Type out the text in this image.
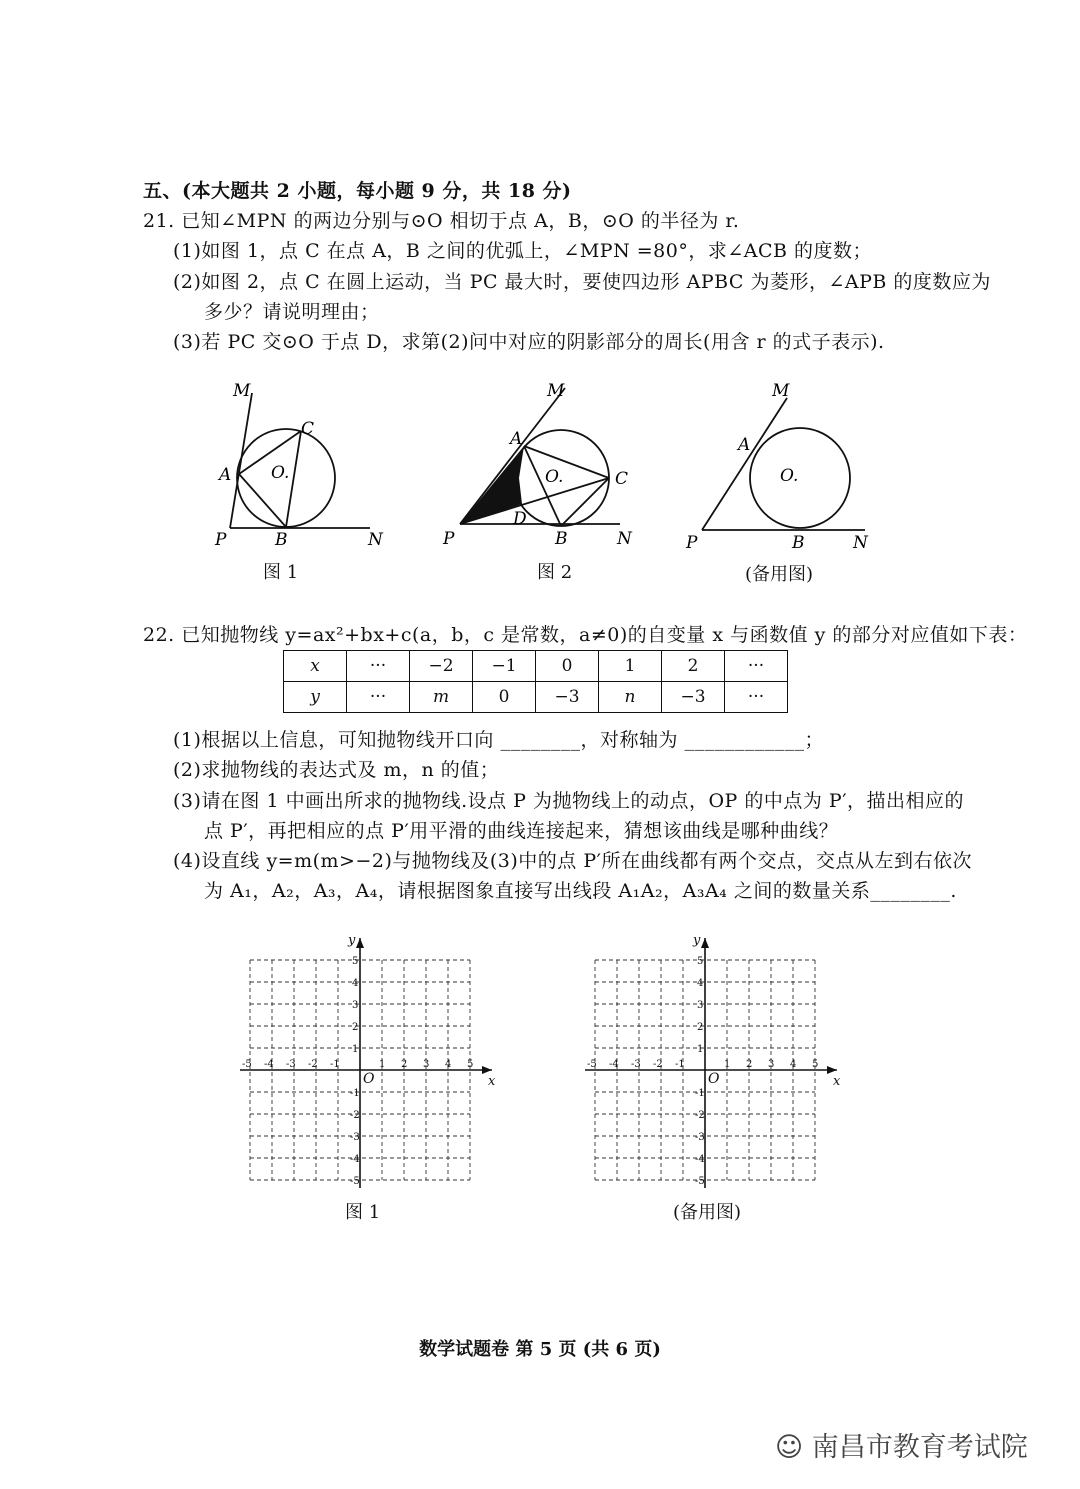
五、(本大题共 2 小题，每小题 9 分，共 18 分)
21. 已知∠MPN 的两边分别与⊙O 相切于点 A，B，⊙O 的半径为 r.
(1)如图 1，点 C 在点 A，B 之间的优弧上，∠MPN =80°，求∠ACB 的度数；
(2)如图 2，点 C 在圆上运动，当 PC 最大时，要使四边形 APBC 为菱形，∠APB 的度数应为
多少？请说明理由；
(3)若 PC 交⊙O 于点 D，求第(2)问中对应的阴影部分的周长(用含 r 的式子表示).
M
C
A O.
P	B	N
图 1
M
A
O.	C
D
P	B	N
图 2
M
A
O.
P	B	N
(备用图)
22. 已知抛物线 y=ax²+bx+c(a，b，c 是常数，a≠0)的自变量 x 与函数值 y 的部分对应值如下表：
x	···	−2	−1	0	1	2	···
y	···	m	0	−3	n	−3	···
(1)根据以上信息，可知抛物线开口向 ________，对称轴为 ____________；
(2)求抛物线的表达式及 m，n 的值；
(3)请在图 1 中画出所求的抛物线.设点 P 为抛物线上的动点，OP 的中点为 P′，描出相应的
点 P′，再把相应的点 P′用平滑的曲线连接起来，猜想该曲线是哪种曲线？
(4)设直线 y=m(m>−2)与抛物线及(3)中的点 P′所在曲线都有两个交点，交点从左到右依次
为 A₁，A₂，A₃，A₄，请根据图象直接写出线段 A₁A₂，A₃A₄ 之间的数量关系________.
-5 -4 -3 -2 -1	1 2 3 4 5
5
4
3
2
1
-1
-2
-3
-4
-5
O	x
y
图 1
-5 -4 -3 -2 -1	1 2 3 4 5
5
4
3
2
1
-1
-2
-3
-4
-5
O	x
y
(备用图)
数学试题卷 第 5 页 (共 6 页)
☺ 南昌市教育考试院
